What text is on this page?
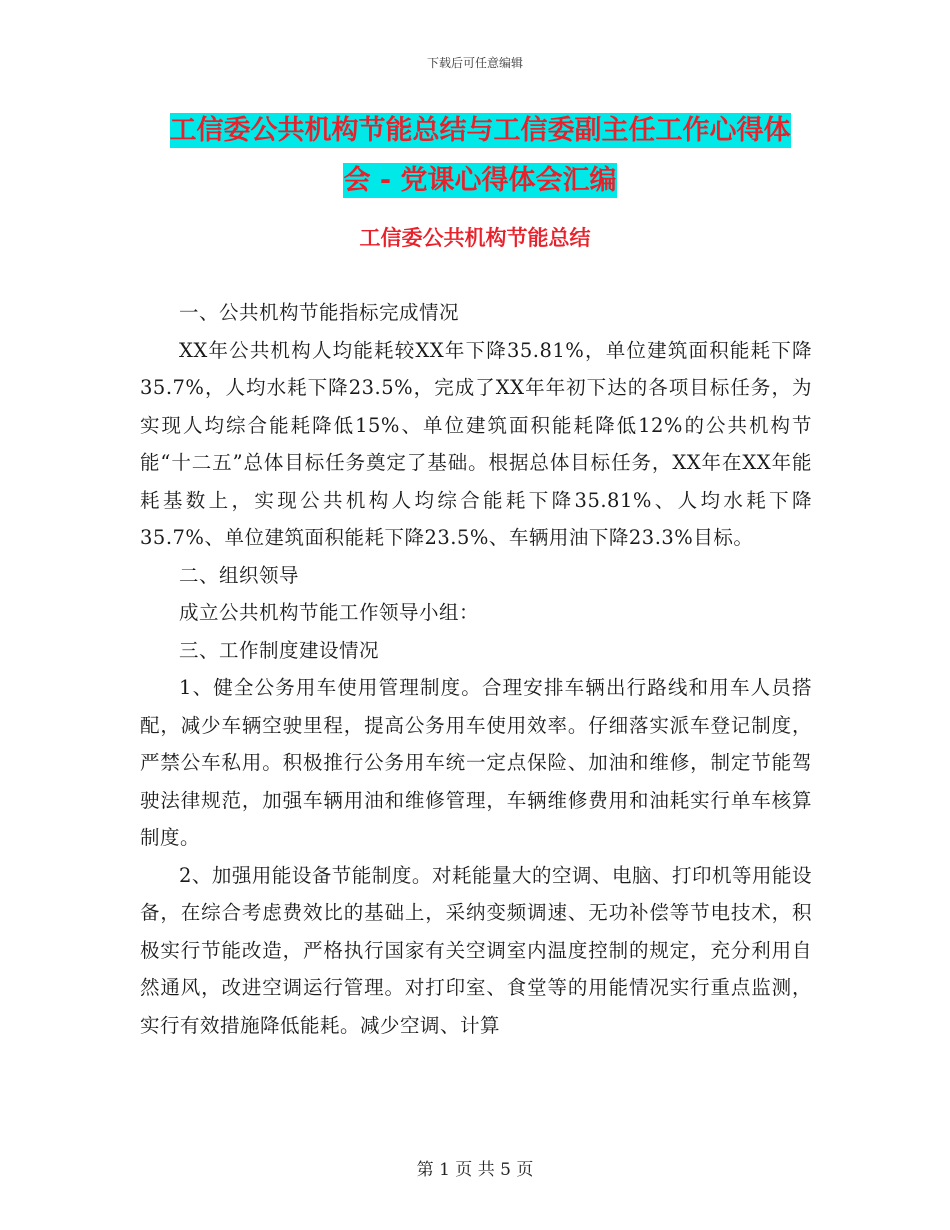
下载后可任意编辑
工信委公共机构节能总结与工信委副主任工作心得体
会 - 党课心得体会汇编
工信委公共机构节能总结

一、公共机构节能指标完成情况

XX年公共机构人均能耗较XX年下降35.81%，单位建筑面积能耗下降35.7%，人均水耗下降23.5%，完成了XX年年初下达的各项目标任务，为实现人均综合能耗降低15%、单位建筑面积能耗降低12%的公共机构节能“十二五”总体目标任务奠定了基础。根据总体目标任务，XX年在XX年能耗基数上，实现公共机构人均综合能耗下降35.81%、人均水耗下降35.7%、单位建筑面积能耗下降23.5%、车辆用油下降23.3%目标。

二、组织领导

成立公共机构节能工作领导小组：

三、工作制度建设情况

1、健全公务用车使用管理制度。合理安排车辆出行路线和用车人员搭配，减少车辆空驶里程，提高公务用车使用效率。仔细落实派车登记制度，严禁公车私用。积极推行公务用车统一定点保险、加油和维修，制定节能驾驶法律规范，加强车辆用油和维修管理，车辆维修费用和油耗实行单车核算制度。

2、加强用能设备节能制度。对耗能量大的空调、电脑、打印机等用能设备，在综合考虑费效比的基础上，采纳变频调速、无功补偿等节电技术，积极实行节能改造，严格执行国家有关空调室内温度控制的规定，充分利用自然通风，改进空调运行管理。对打印室、食堂等的用能情况实行重点监测，实行有效措施降低能耗。减少空调、计算

第 1 页 共 5 页
